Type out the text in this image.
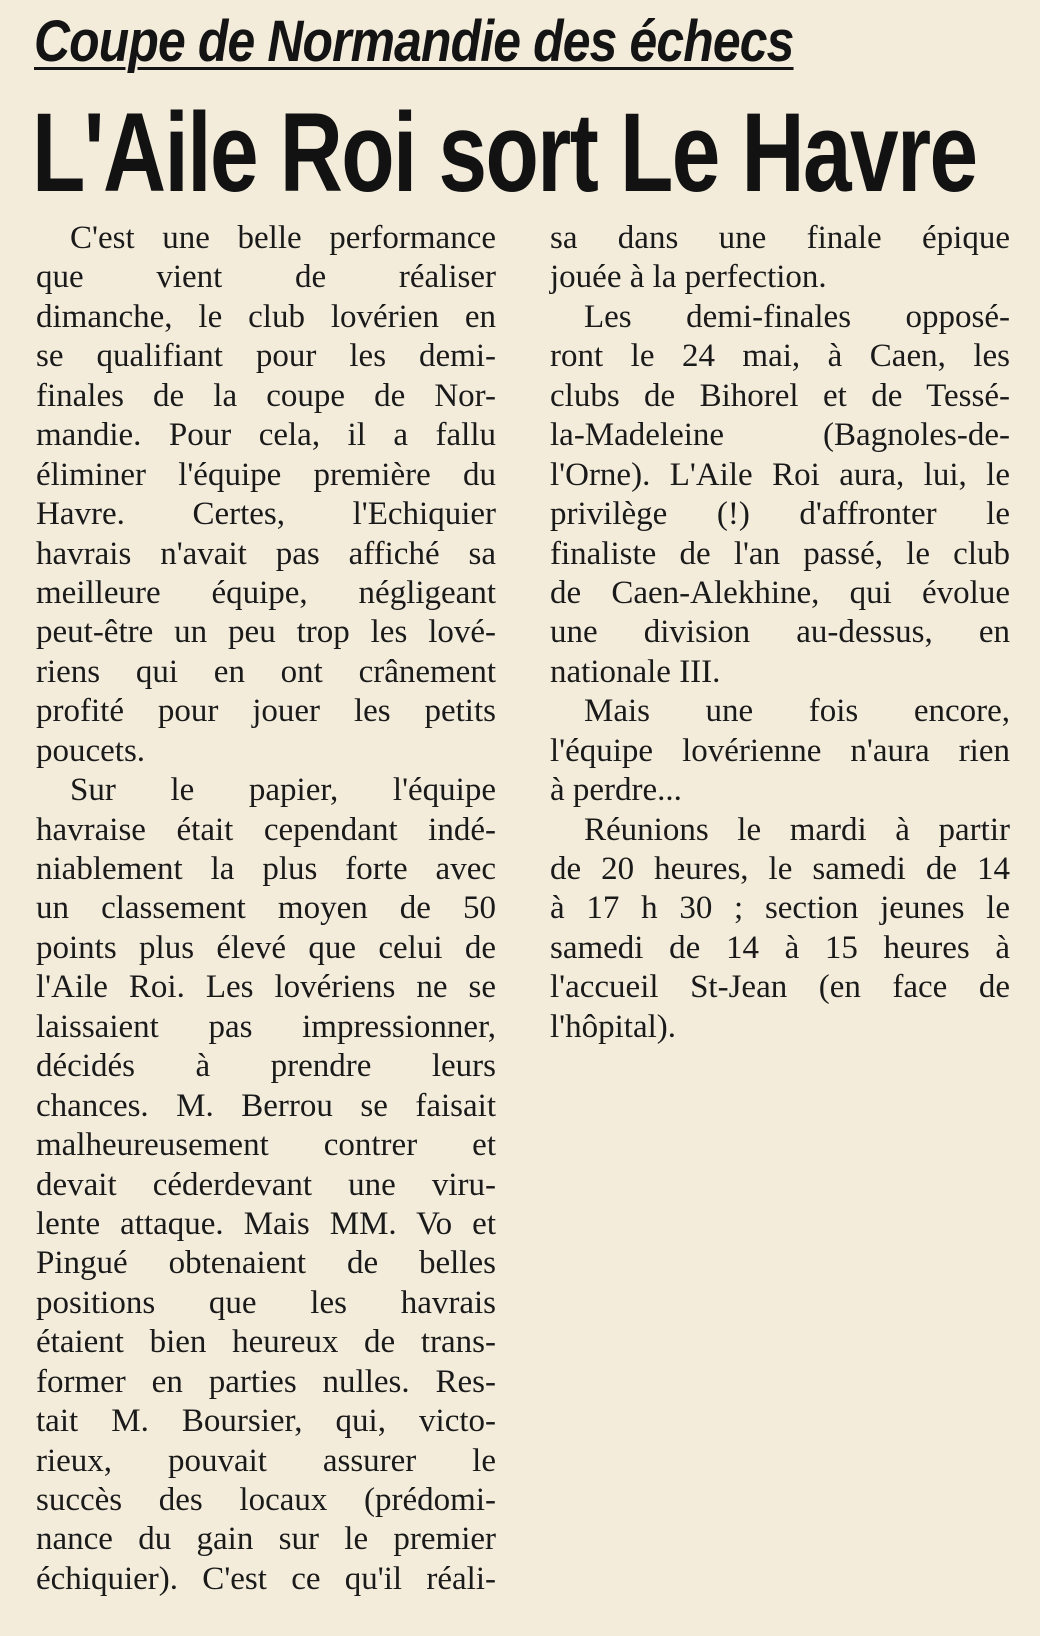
Coupe de Normandie des échecs
L'Aile Roi sort Le Havre
C'est une belle performance
que vient de réaliser
dimanche, le club lovérien en
se qualifiant pour les demi-
finales de la coupe de Nor-
mandie. Pour cela, il a fallu
éliminer l'équipe première du
Havre. Certes, l'Echiquier
havrais n'avait pas affiché sa
meilleure équipe, négligeant
peut-être un peu trop les lové-
riens qui en ont crânement
profité pour jouer les petits
poucets.
Sur le papier, l'équipe
havraise était cependant indé-
niablement la plus forte avec
un classement moyen de 50
points plus élevé que celui de
l'Aile Roi. Les lovériens ne se
laissaient pas impressionner,
décidés à prendre leurs
chances. M. Berrou se faisait
malheureusement contrer et
devait céderdevant une viru-
lente attaque. Mais MM. Vo et
Pingué obtenaient de belles
positions que les havrais
étaient bien heureux de trans-
former en parties nulles. Res-
tait M. Boursier, qui, victo-
rieux, pouvait assurer le
succès des locaux (prédomi-
nance du gain sur le premier
échiquier). C'est ce qu'il réali-
sa dans une finale épique
jouée à la perfection.
Les demi-finales opposé-
ront le 24 mai, à Caen, les
clubs de Bihorel et de Tessé-
la-Madeleine (Bagnoles-de-
l'Orne). L'Aile Roi aura, lui, le
privilège (!) d'affronter le
finaliste de l'an passé, le club
de Caen-Alekhine, qui évolue
une division au-dessus, en
nationale III.
Mais une fois encore,
l'équipe lovérienne n'aura rien
à perdre...
Réunions le mardi à partir
de 20 heures, le samedi de 14
à 17 h 30 ; section jeunes le
samedi de 14 à 15 heures à
l'accueil St-Jean (en face de
l'hôpital).
